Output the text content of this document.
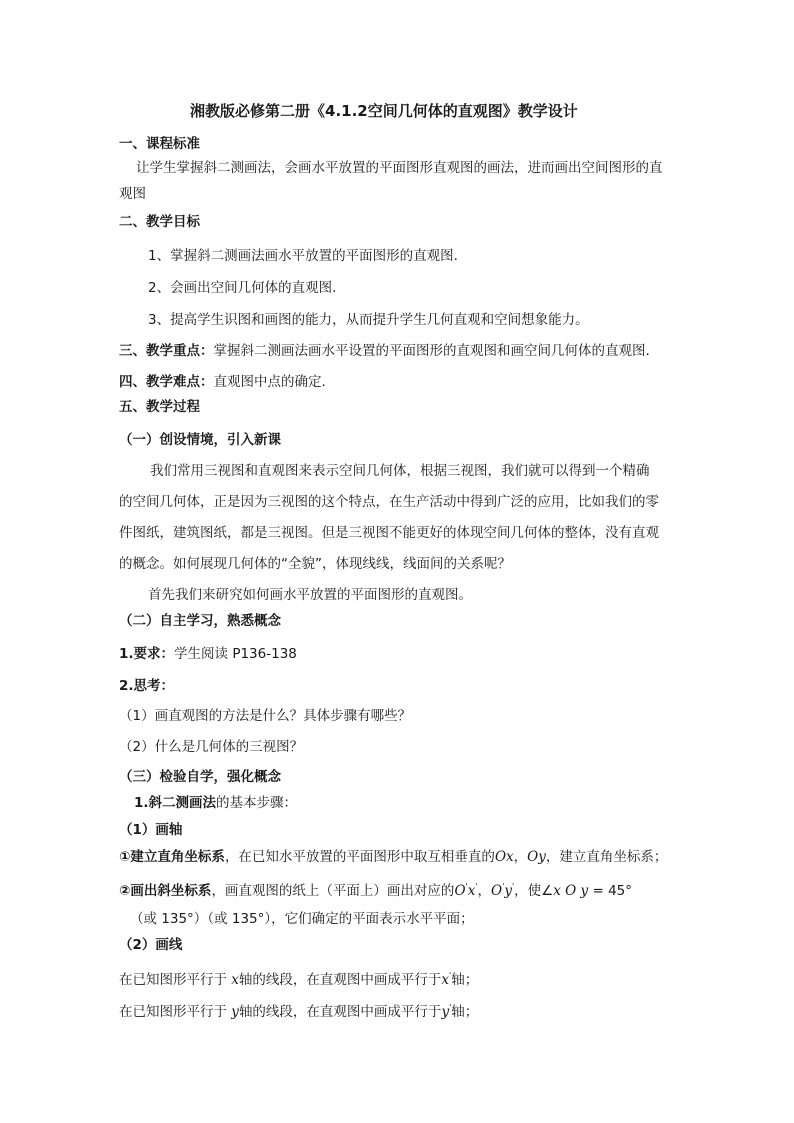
湘教版必修第二册《4.1.2空间几何体的直观图》教学设计
一、课程标准
让学生掌握斜二测画法，会画水平放置的平面图形直观图的画法，进而画出空间图形的直
观图
二、教学目标
1、掌握斜二测画法画水平放置的平面图形的直观图.
2、会画出空间几何体的直观图.
3、提高学生识图和画图的能力，从而提升学生几何直观和空间想象能力。
三、教学重点：掌握斜二测画法画水平设置的平面图形的直观图和画空间几何体的直观图.
四、教学难点：直观图中点的确定.
五、教学过程
（一）创设情境，引入新课
我们常用三视图和直观图来表示空间几何体，根据三视图，我们就可以得到一个精确
的空间几何体，正是因为三视图的这个特点，在生产活动中得到广泛的应用，比如我们的零
件图纸，建筑图纸，都是三视图。但是三视图不能更好的体现空间几何体的整体，没有直观
的概念。如何展现几何体的“全貌”，体现线线，线面间的关系呢？
首先我们来研究如何画水平放置的平面图形的直观图。
（二）自主学习，熟悉概念
1.要求：学生阅读 P136-138
2.思考：
（1）画直观图的方法是什么？具体步骤有哪些？
（2）什么是几何体的三视图？
（三）检验自学，强化概念
1.斜二测画法的基本步骤：
（1）画轴
①建立直角坐标系，在已知水平放置的平面图形中取互相垂直的Ox，Oy，建立直角坐标系；
②画出斜坐标系，画直观图的纸上（平面上）画出对应的O'x'，O'y'，使∠x O y = 45°
（或 135°）（或 135°），它们确定的平面表示水平平面；
（2）画线
在已知图形平行于 x轴的线段，在直观图中画成平行于x'轴；
在已知图形平行于 y轴的线段，在直观图中画成平行于y'轴；
